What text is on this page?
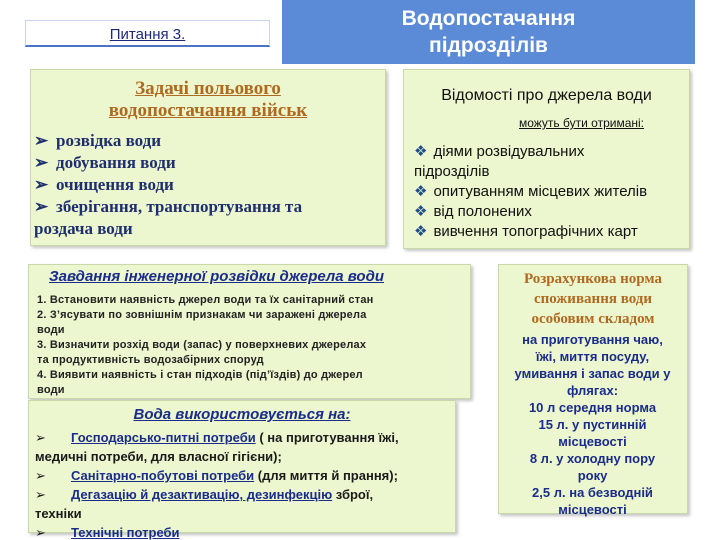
Питання 3.
Водопостачання
підрозділів
Задачі польового
водопостачання військ
➢ розвідка води
➢ добування води
➢ очищення води
➢ зберігання, транспортування та
роздача води
Відомості про джерела води
можуть бути отримані:
❖ діями розвідувальних
підрозділів
❖ опитуванням місцевих жителів
❖ від полонених
❖ вивчення топографічних карт
Завдання інженерної розвідки джерела води
1. Встановити наявність джерел води та їх санітарний стан
2. З’ясувати по зовнішнім признакам чи заражені джерела
води
3. Визначити розхід води (запас) у поверхневих джерелах
та продуктивність водозабірних споруд
4. Виявити наявність і стан підходів (під’їздів) до джерел
води
Вода використовується на:
➢ Господарсько-питні потреби ( на приготування їжі,
медичні потреби, для власної гігієни);
➢ Санітарно-побутові потреби (для миття й прання);
➢ Дегазацію й дезактивацію, дезинфекцію зброї,
техніки
➢ Технічні потреби
Розрахункова норма
споживання води
особовим складом
на приготування чаю,
їжі, миття посуду,
умивання і запас води у
флягах:
10 л середня норма
15 л. у пустинній
місцевості
8 л. у холодну пору
року
2,5 л. на безводній
місцевості
